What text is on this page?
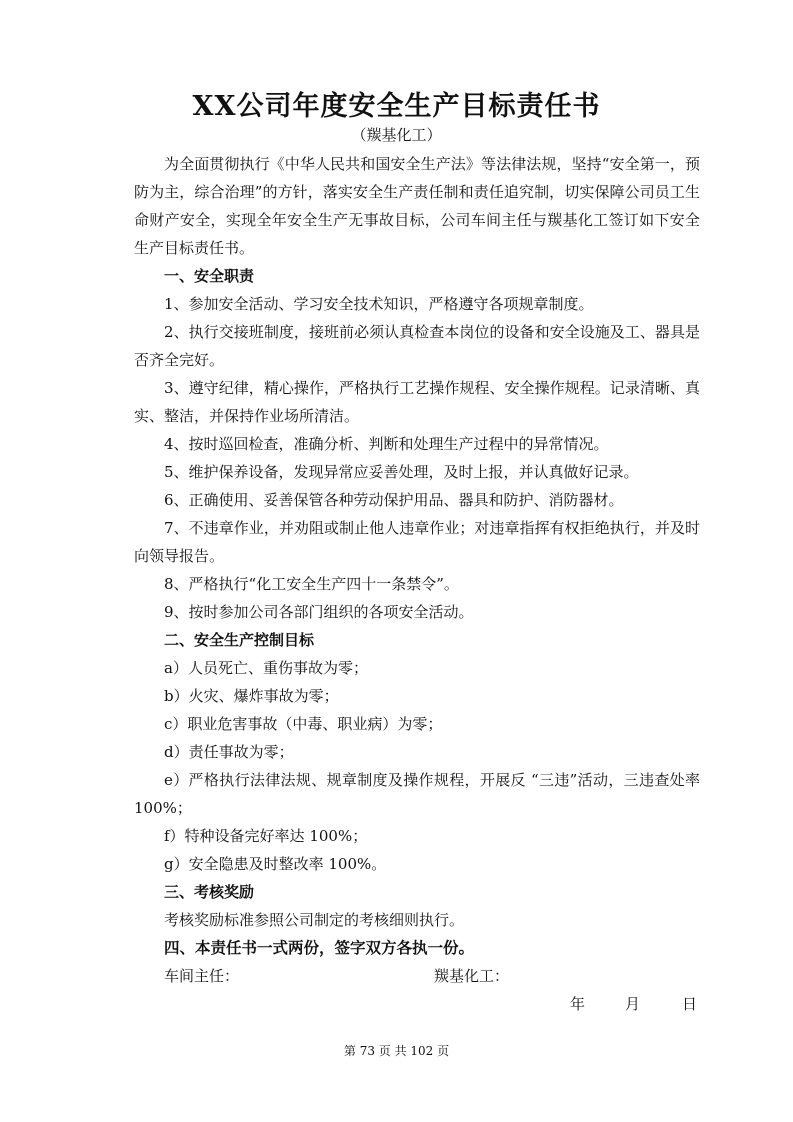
XX公司年度安全生产目标责任书
（羰基化工）

为全面贯彻执行《中华人民共和国安全生产法》等法律法规，坚持“安全第一，预防为主，综合治理”的方针，落实安全生产责任制和责任追究制，切实保障公司员工生命财产安全，实现全年安全生产无事故目标，公司车间主任与羰基化工签订如下安全生产目标责任书。

一、安全职责

1、参加安全活动、学习安全技术知识，严格遵守各项规章制度。

2、执行交接班制度，接班前必须认真检查本岗位的设备和安全设施及工、器具是否齐全完好。

3、遵守纪律，精心操作，严格执行工艺操作规程、安全操作规程。记录清晰、真实、整洁，并保持作业场所清洁。

4、按时巡回检查，准确分析、判断和处理生产过程中的异常情况。

5、维护保养设备，发现异常应妥善处理，及时上报，并认真做好记录。

6、正确使用、妥善保管各种劳动保护用品、器具和防护、消防器材。

7、不违章作业，并劝阻或制止他人违章作业；对违章指挥有权拒绝执行，并及时向领导报告。

8、严格执行“化工安全生产四十一条禁令”。

9、按时参加公司各部门组织的各项安全活动。

二、安全生产控制目标

a）人员死亡、重伤事故为零；

b）火灾、爆炸事故为零；

c）职业危害事故（中毒、职业病）为零；

d）责任事故为零；

e）严格执行法律法规、规章制度及操作规程，开展反 “三违”活动，三违查处率 100%；

f）特种设备完好率达 100%；

g）安全隐患及时整改率 100%。

三、考核奖励

考核奖励标准参照公司制定的考核细则执行。

四、本责任书一式两份，签字双方各执一份。

车间主任：	羰基化工：
年	月	日
第 73 页 共 102 页
